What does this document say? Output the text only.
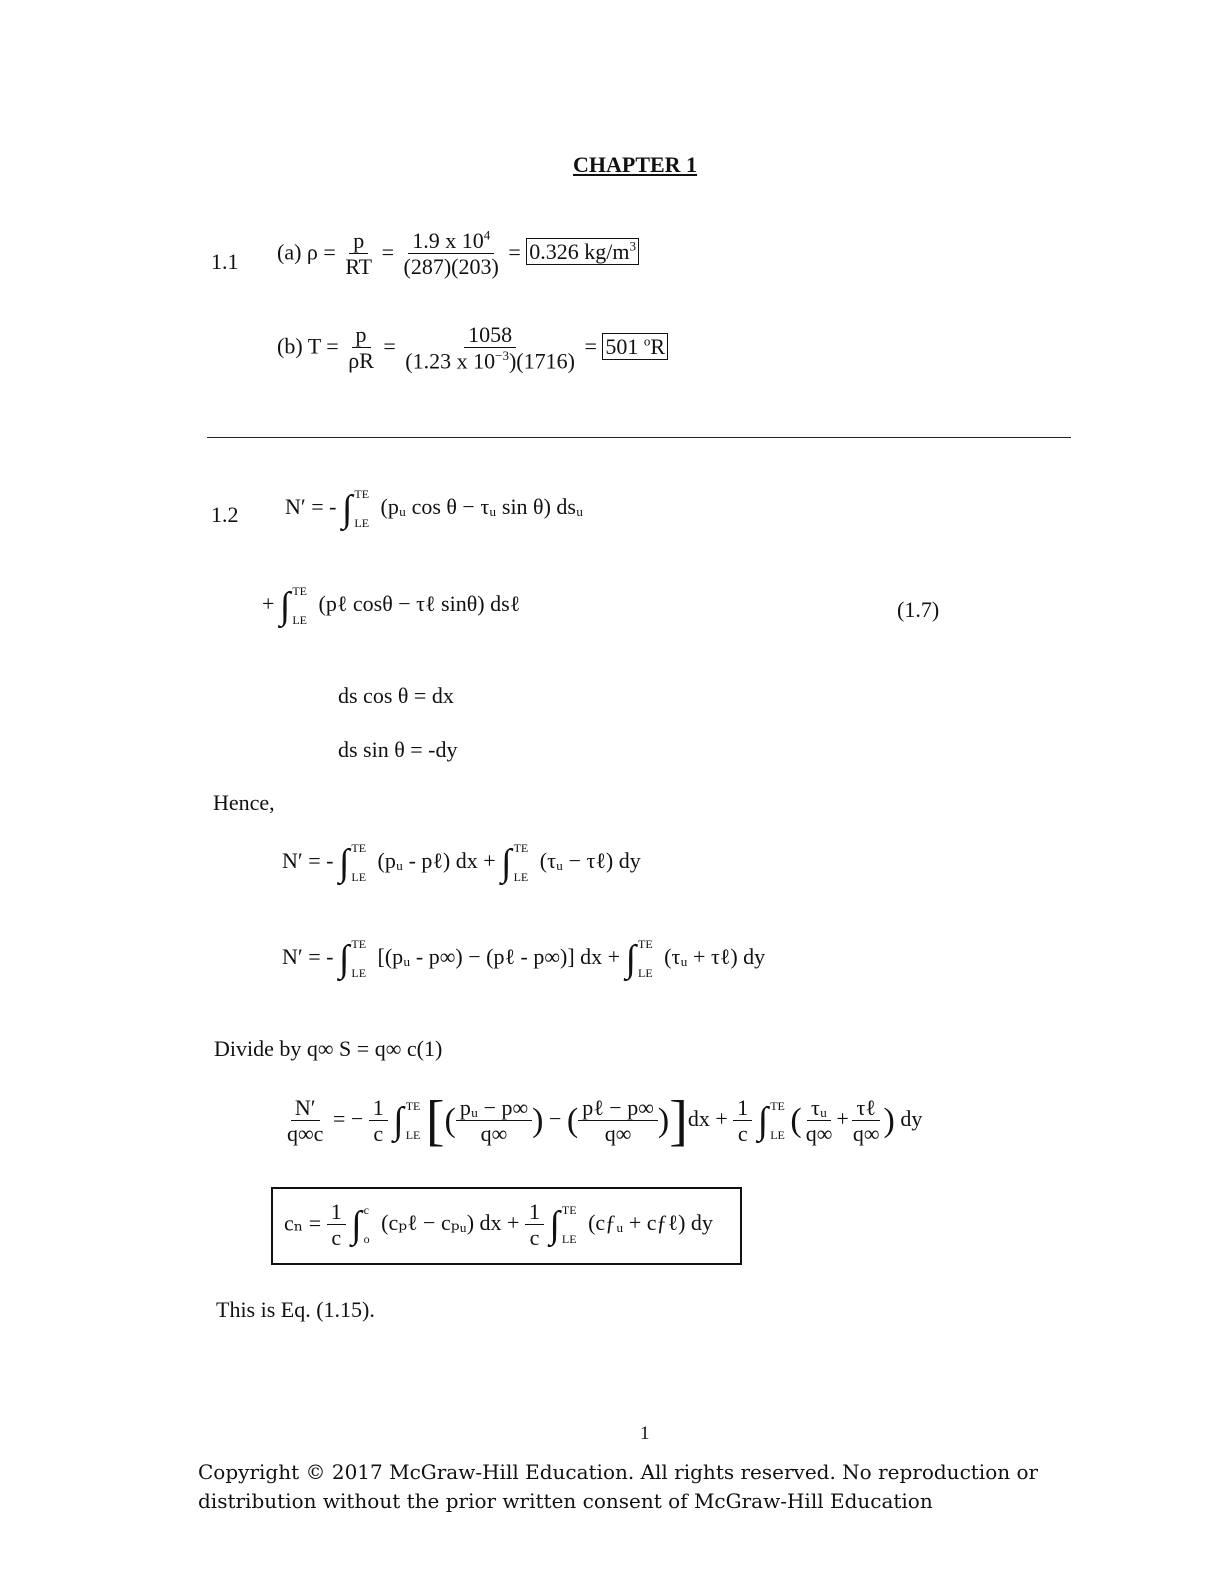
CHAPTER 1
1.1 (a) $\rho = \frac{p}{RT} = \frac{1.9 x 10^4}{(287)(203)} = 0.326$ $kg/m^3$
(b) $T = \frac{p}{\rho R} = \frac{1058}{(1.23 x 10^{-3})(1716)} = 501$ $^o$R
1.2 N′ = - ∫ TE
LE
(pᵤ cos θ − τᵤ sin θ) dsᵤ
+ ∫ TE
LE
(pℓ cosθ − τℓ sinθ) dsℓ	(1.7)
ds cos θ = dx
ds sin θ = -dy
Hence,
N′ = - ∫ TE
LE
(pᵤ - pℓ) dx + ∫ TE
LE
(τᵤ − τℓ) dy
N′ = - ∫ TE
LE
[(pᵤ - p∞) − (pℓ - p∞)] dx + ∫ TE
LE
(τᵤ + τℓ) dy
Divide by q∞ S = q∞ c(1)
$\frac{N'}{q\infty c}$ = − $\frac{1}{c}$
∫ TE
LE [( $\frac{\text{pᵤ − p∞}}{q\infty}$ ) − ( $\frac{\text{pℓ − p∞}}{q\infty} )]dx + \frac{1}{c}$
∫ TE
LE ( $\frac{\text{τᵤ}}{q\infty} + \frac{\text{τℓ}}{q\infty}$ ) dy
$c_n = \frac{1}{c}$
∫ c
o
(cₚℓ − cₚᵤ) dx + $\frac{1}{c}$
∫ TE
LE
(cƒᵤ + cƒℓ) dy
This is Eq. (1.15).
1
Copyright © 2017 McGraw-Hill Education. All rights reserved. No reproduction or
distribution without the prior written consent of McGraw-Hill Education
